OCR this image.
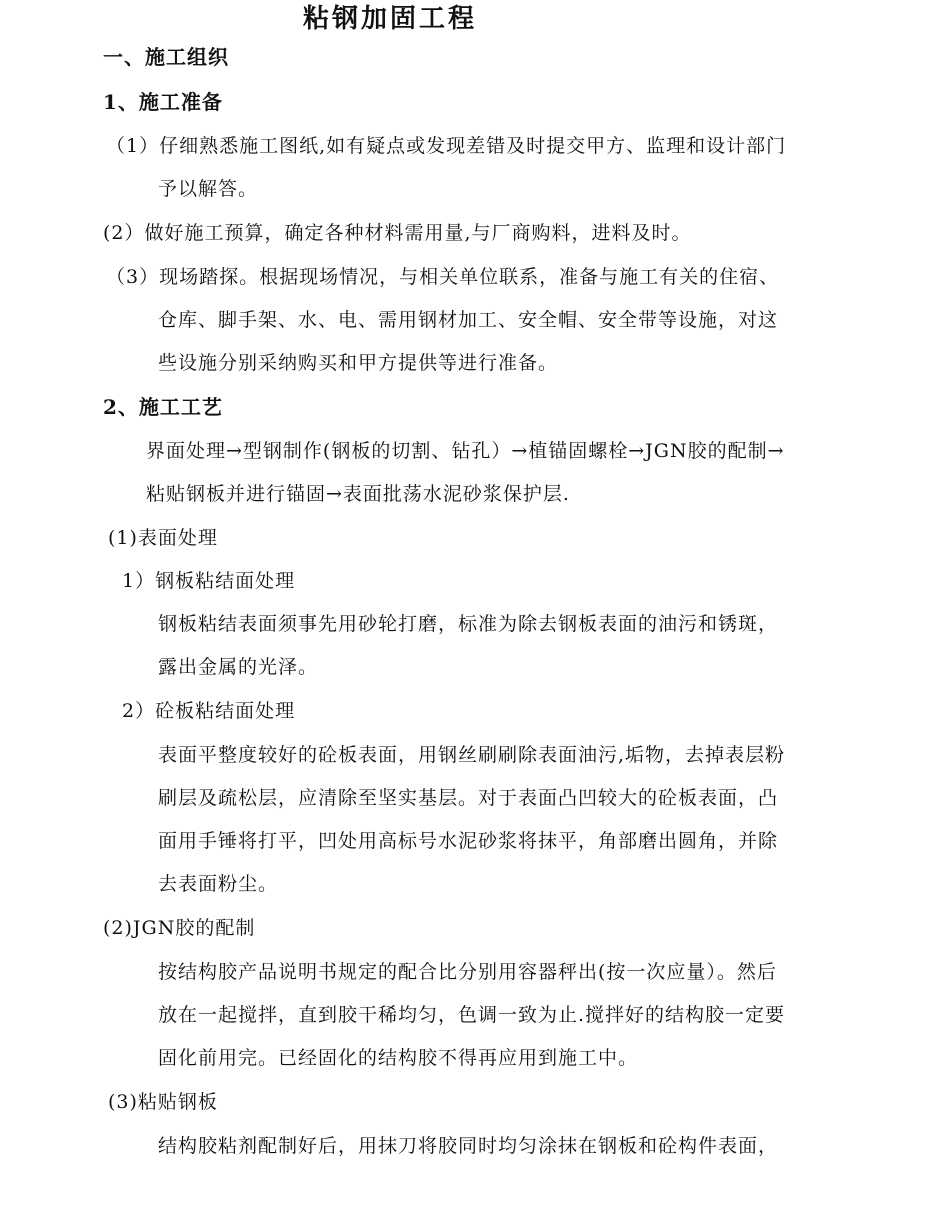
粘钢加固工程
一、施工组织
1、施工准备
（1）仔细熟悉施工图纸,如有疑点或发现差错及时提交甲方、监理和设计部门
予以解答。
(2）做好施工预算，确定各种材料需用量,与厂商购料，进料及时。
（3）现场踏探。根据现场情况，与相关单位联系，准备与施工有关的住宿、
仓库、脚手架、水、电、需用钢材加工、安全帽、安全带等设施，对这
些设施分别采纳购买和甲方提供等进行准备。
2、施工工艺
界面处理→型钢制作(钢板的切割、钻孔）→植锚固螺栓→JGN胶的配制→
粘贴钢板并进行锚固→表面批荡水泥砂浆保护层.
(1)表面处理
1）钢板粘结面处理
钢板粘结表面须事先用砂轮打磨，标准为除去钢板表面的油污和锈斑，
露出金属的光泽。
2）砼板粘结面处理
表面平整度较好的砼板表面，用钢丝刷刷除表面油污,垢物，去掉表层粉
刷层及疏松层，应清除至坚实基层。对于表面凸凹较大的砼板表面，凸
面用手锤将打平，凹处用高标号水泥砂浆将抹平，角部磨出圆角，并除
去表面粉尘。
(2)JGN胶的配制
按结构胶产品说明书规定的配合比分别用容器秤出(按一次应量）。然后
放在一起搅拌，直到胶干稀均匀，色调一致为止.搅拌好的结构胶一定要
固化前用完。已经固化的结构胶不得再应用到施工中。
(3)粘贴钢板
结构胶粘剂配制好后，用抹刀将胶同时均匀涂抹在钢板和砼构件表面，
